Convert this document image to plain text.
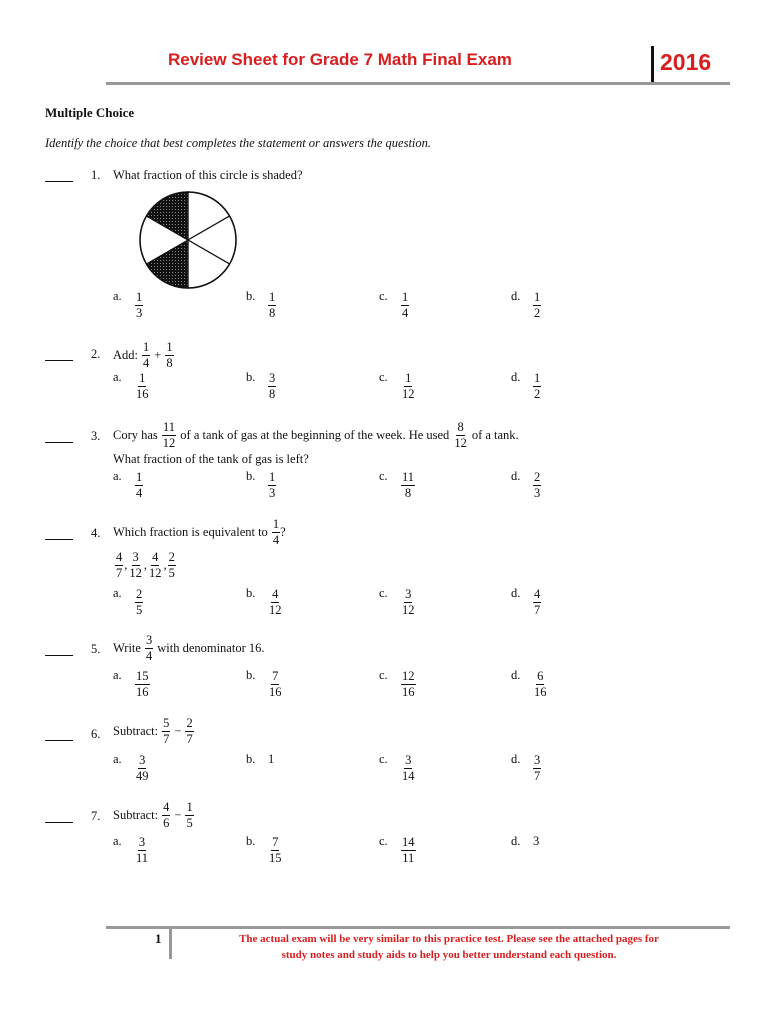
Review Sheet for Grade 7 Math Final Exam	2016
Multiple Choice
Identify the choice that best completes the statement or answers the question.
1. What fraction of this circle is shaded?
2. Add: $\frac{1}{4} + \frac{1}{8}$
3. Cory has $\frac{11}{12}$ of a tank of gas at the beginning of the week. He used $\frac{8}{12}$ of a tank.
What fraction of the tank of gas is left?
4. Which fraction is equivalent to $\frac{1}{4}$ ?
$\frac{4}{7}$ , $\frac{3}{12}$ , $\frac{4}{12}$ , $\frac{2}{5}$
5. Write $\frac{3}{4}$ with denominator 16.
6. Subtract: $\frac{5}{7} - \frac{2}{7}$
7. Subtract: $\frac{4}{6} - \frac{1}{5}$
a. $\frac{1}{3}$	b. $\frac{1}{8}$	c. $\frac{1}{4}$	d. $\frac{1}{2}$
a. $\frac{1}{16}$	b. $\frac{3}{8}$	c. $\frac{1}{12}$	d. $\frac{1}{2}$
a. $\frac{1}{4}$	b. $\frac{1}{3}$	c. $\frac{11}{8}$	d. $\frac{2}{3}$
a. $\frac{2}{5}$	b. $\frac{4}{12}$	c. $\frac{3}{12}$	d. $\frac{4}{7}$
a. $\frac{15}{16}$	b. $\frac{7}{16}$	c. $\frac{12}{16}$	d. $\frac{6}{16}$
a. $\frac{3}{49}$	b. 1	c. $\frac{3}{14}$	d. $\frac{3}{7}$
a. $\frac{3}{11}$	b. $\frac{7}{15}$	c. $\frac{14}{11}$	d. 3
1	The actual exam will be very similar to this practice test. Please see the attached pages for
study notes and study aids to help you better understand each question.
